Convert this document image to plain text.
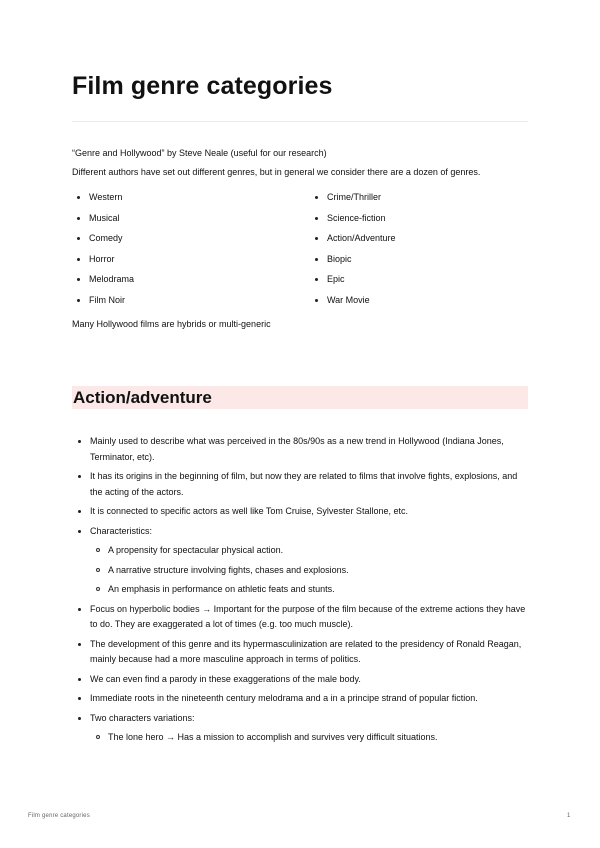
Film genre categories

“Genre and Hollywood” by Steve Neale (useful for our research)

Different authors have set out different genres, but in general we consider there are a dozen of genres.

Western
Musical
Comedy
Horror
Melodrama
Film Noir
Crime/Thriller
Science-fiction
Action/Adventure
Biopic
Epic
War Movie

Many Hollywood films are hybrids or multi-generic

Action/adventure
Mainly used to describe what was perceived in the 80s/90s as a new trend in Hollywood (Indiana Jones, Terminator, etc).
It has its origins in the beginning of film, but now they are related to films that involve fights, explosions, and the acting of the actors.
It is connected to specific actors as well like Tom Cruise, Sylvester Stallone, etc.
Characteristics:
A propensity for spectacular physical action.
A narrative structure involving fights, chases and explosions.
An emphasis in performance on athletic feats and stunts.
Focus on hyperbolic bodies → Important for the purpose of the film because of the extreme actions they have to do. They are exaggerated a lot of times (e.g. too much muscle).
The development of this genre and its hypermasculinization are related to the presidency of Ronald Reagan, mainly because had a more masculine approach in terms of politics.
We can even find a parody in these exaggerations of the male body.
Immediate roots in the nineteenth century melodrama and a in a principe strand of popular fiction.
Two characters variations:
The lone hero → Has a mission to accomplish and survives very difficult situations.
Film genre categories	1
